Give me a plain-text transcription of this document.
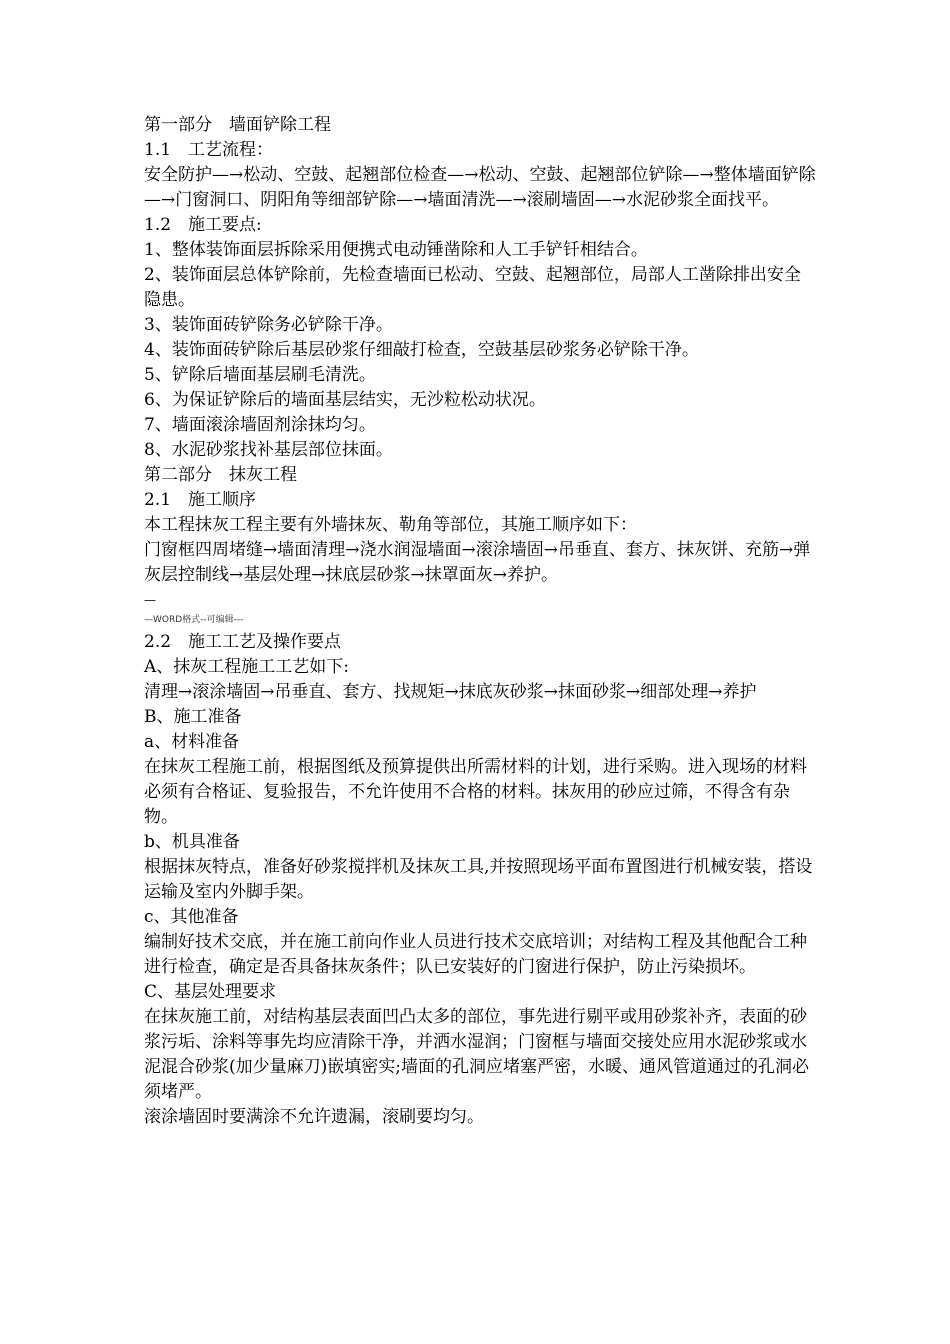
第一部分　墙面铲除工程
1.1　工艺流程：
安全防护—→松动、空鼓、起翘部位检查—→松动、空鼓、起翘部位铲除—→整体墙面铲除—→门窗洞口、阴阳角等细部铲除—→墙面清洗—→滚刷墙固—→水泥砂浆全面找平。
1.2　施工要点:
1、整体装饰面层拆除采用便携式电动锤凿除和人工手铲钎相结合。
2、装饰面层总体铲除前，先检查墙面已松动、空鼓、起翘部位，局部人工凿除排出安全隐患。
3、装饰面砖铲除务必铲除干净。
4、装饰面砖铲除后基层砂浆仔细敲打检查，空鼓基层砂浆务必铲除干净。
5、铲除后墙面基层刷毛清洗。
6、为保证铲除后的墙面基层结实，无沙粒松动状况。
7、墙面滚涂墙固剂涂抹均匀。
8、水泥砂浆找补基层部位抹面。
第二部分　抹灰工程
2.1　施工顺序
本工程抹灰工程主要有外墙抹灰、勒角等部位，其施工顺序如下：
门窗框四周堵缝→墙面清理→浇水润湿墙面→滚涂墙固→吊垂直、套方、抹灰饼、充筋→弹灰层控制线→基层处理→抹底层砂浆→抹罩面灰→养护。
—
—WORD格式--可编辑---
2.2　施工工艺及操作要点
A、抹灰工程施工工艺如下:
清理→滚涂墙固→吊垂直、套方、找规矩→抹底灰砂浆→抹面砂浆→细部处理→养护
B、施工准备
a、材料准备
在抹灰工程施工前，根据图纸及预算提供出所需材料的计划，进行采购。进入现场的材料必须有合格证、复验报告，不允许使用不合格的材料。抹灰用的砂应过筛，不得含有杂物。
b、机具准备
根据抹灰特点，准备好砂浆搅拌机及抹灰工具,并按照现场平面布置图进行机械安装，搭设运输及室内外脚手架。
c、其他准备
编制好技术交底，并在施工前向作业人员进行技术交底培训；对结构工程及其他配合工种进行检查，确定是否具备抹灰条件；队已安装好的门窗进行保护，防止污染损坏。
C、基层处理要求
在抹灰施工前，对结构基层表面凹凸太多的部位，事先进行剔平或用砂浆补齐，表面的砂浆污垢、涂料等事先均应清除干净，并洒水湿润；门窗框与墙面交接处应用水泥砂浆或水泥混合砂浆(加少量麻刀)嵌填密实;墙面的孔洞应堵塞严密，水暖、通风管道通过的孔洞必须堵严。
滚涂墙固时要满涂不允许遗漏，滚刷要均匀。
